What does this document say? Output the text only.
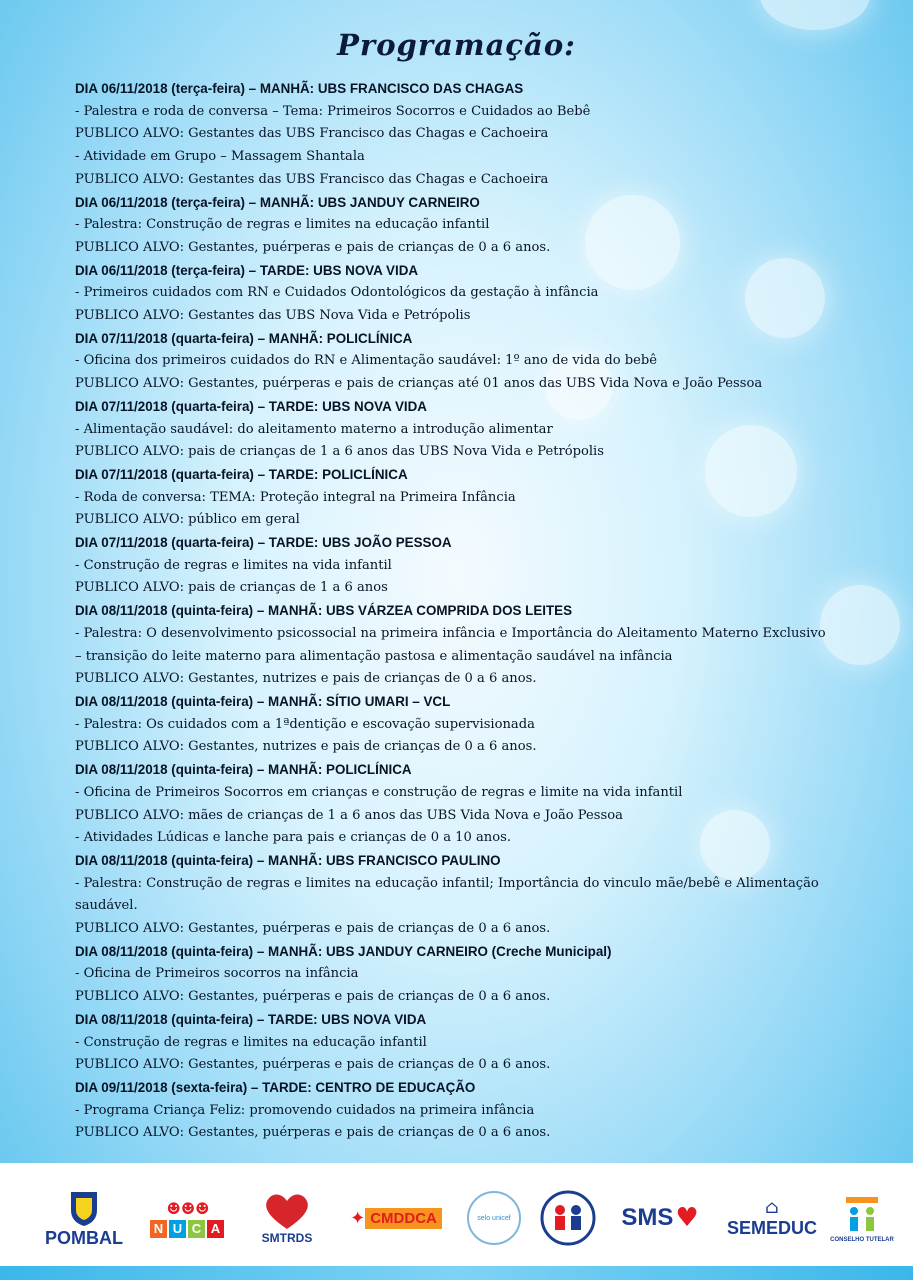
Programação:

DIA 06/11/2018 (terça-feira) – MANHÃ: UBS FRANCISCO DAS CHAGAS

- Palestra e roda de conversa – Tema: Primeiros Socorros e Cuidados ao Bebê

PUBLICO ALVO: Gestantes das UBS Francisco das Chagas e Cachoeira

- Atividade em Grupo – Massagem Shantala

PUBLICO ALVO: Gestantes das UBS Francisco das Chagas e Cachoeira

DIA 06/11/2018 (terça-feira) – MANHÃ: UBS JANDUY CARNEIRO

- Palestra: Construção de regras e limites na educação infantil

PUBLICO ALVO: Gestantes, puérperas e pais de crianças de 0 a 6 anos.

DIA 06/11/2018 (terça-feira) – TARDE: UBS NOVA VIDA

- Primeiros cuidados com RN e Cuidados Odontológicos da gestação à infância

PUBLICO ALVO: Gestantes das UBS Nova Vida e Petrópolis

DIA 07/11/2018 (quarta-feira) – MANHÃ: POLICLÍNICA

- Oficina dos primeiros cuidados do RN e Alimentação saudável: 1º ano de vida do bebê

PUBLICO ALVO: Gestantes, puérperas e pais de crianças até 01 anos das UBS Vida Nova e João Pessoa

DIA 07/11/2018 (quarta-feira) – TARDE: UBS NOVA VIDA

- Alimentação saudável: do aleitamento materno a introdução alimentar

PUBLICO ALVO: pais de crianças de 1 a 6 anos das UBS Nova Vida e Petrópolis

DIA 07/11/2018 (quarta-feira) – TARDE: POLICLÍNICA

- Roda de conversa: TEMA: Proteção integral na Primeira Infância

PUBLICO ALVO: público em geral

DIA 07/11/2018 (quarta-feira) – TARDE: UBS JOÃO PESSOA

- Construção de regras e limites na vida infantil

PUBLICO ALVO: pais de crianças de 1 a 6 anos

DIA 08/11/2018 (quinta-feira) – MANHÃ: UBS VÁRZEA COMPRIDA DOS LEITES

- Palestra: O desenvolvimento psicossocial na primeira infância e Importância do Aleitamento Materno Exclusivo

– transição do leite materno para alimentação pastosa e alimentação saudável na infância

PUBLICO ALVO: Gestantes, nutrizes e pais de crianças de 0 a 6 anos.

DIA 08/11/2018 (quinta-feira) – MANHÃ: SÍTIO UMARI – VCL

- Palestra: Os cuidados com a 1ªdentição e escovação supervisionada

PUBLICO ALVO: Gestantes, nutrizes e pais de crianças de 0 a 6 anos.

DIA 08/11/2018 (quinta-feira) – MANHÃ: POLICLÍNICA

- Oficina de Primeiros Socorros em crianças e construção de regras e limite na vida infantil

PUBLICO ALVO: mães de crianças de 1 a 6 anos das UBS Vida Nova e João Pessoa

- Atividades Lúdicas e lanche para pais e crianças de 0 a 10 anos.

DIA 08/11/2018 (quinta-feira) – MANHÃ: UBS FRANCISCO PAULINO

- Palestra: Construção de regras e limites na educação infantil; Importância do vinculo mãe/bebê e Alimentação saudável.

PUBLICO ALVO: Gestantes, puérperas e pais de crianças de 0 a 6 anos.

DIA 08/11/2018 (quinta-feira) – MANHÃ: UBS JANDUY CARNEIRO (Creche Municipal)

- Oficina de Primeiros socorros na infância

PUBLICO ALVO: Gestantes, puérperas e pais de crianças de 0 a 6 anos.

DIA 08/11/2018 (quinta-feira) – TARDE: UBS NOVA VIDA

- Construção de regras e limites na educação infantil

PUBLICO ALVO: Gestantes, puérperas e pais de crianças de 0 a 6 anos.

DIA 09/11/2018 (sexta-feira) – TARDE: CENTRO DE EDUCAÇÃO

- Programa Criança Feliz: promovendo cuidados na primeira infância

PUBLICO ALVO: Gestantes, puérperas e pais de crianças de 0 a 6 anos.

POMBAL
☻☻☻
N U C A
SMTRDS
✦ CMDDCA	selo unicef	SMS ♥	⌂
SEMEDUC
CONSELHO TUTELAR
